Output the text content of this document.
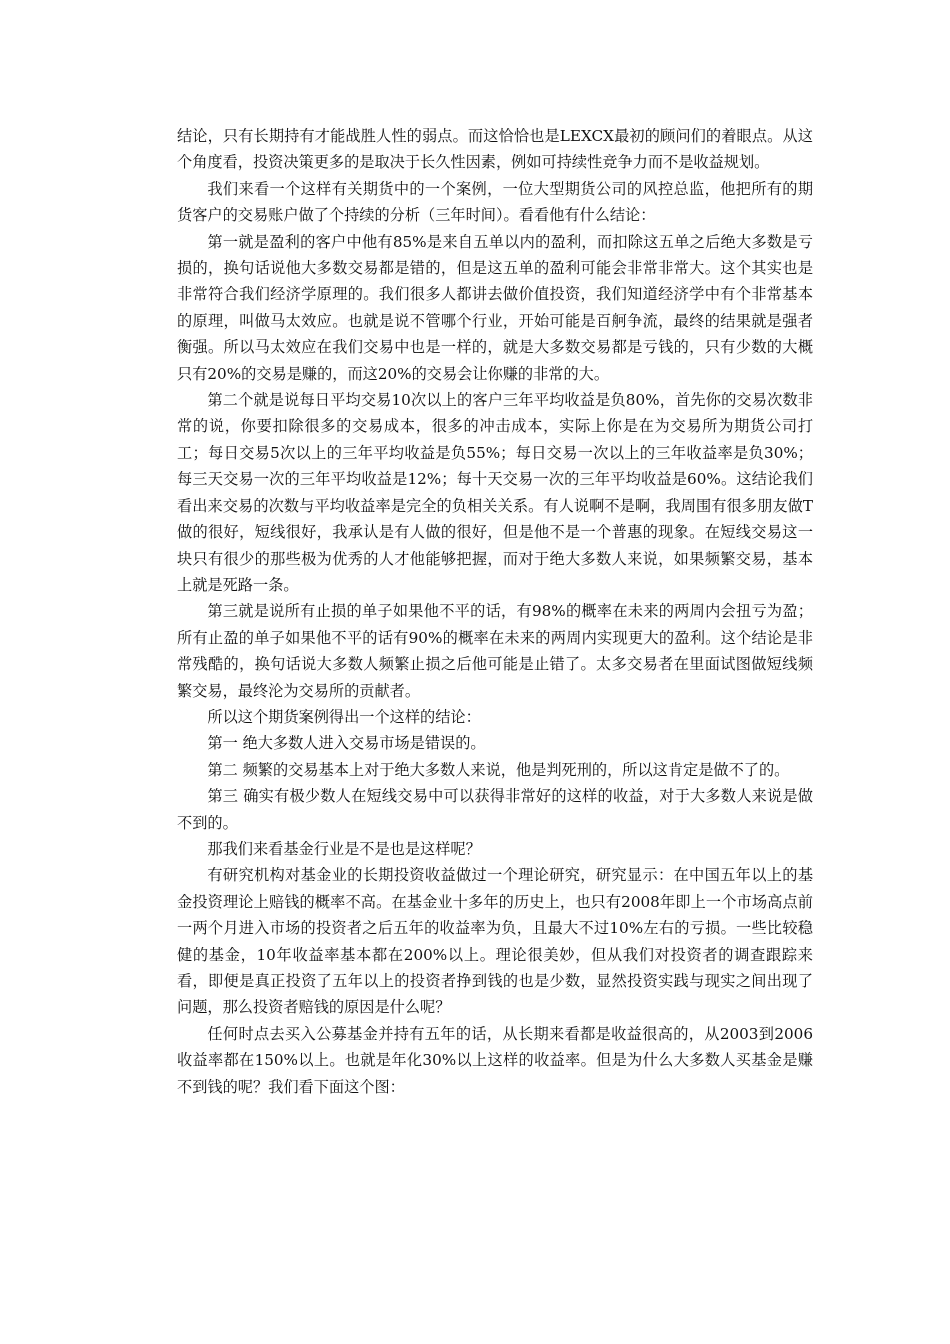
结论，只有长期持有才能战胜人性的弱点。而这恰恰也是LEXCX最初的顾问们的着眼点。从这个角度看，投资决策更多的是取决于长久性因素，例如可持续性竞争力而不是收益规划。

我们来看一个这样有关期货中的一个案例，一位大型期货公司的风控总监，他把所有的期货客户的交易账户做了个持续的分析（三年时间）。看看他有什么结论：

第一就是盈利的客户中他有85%是来自五单以内的盈利，而扣除这五单之后绝大多数是亏损的，换句话说他大多数交易都是错的，但是这五单的盈利可能会非常非常大。这个其实也是非常符合我们经济学原理的。我们很多人都讲去做价值投资，我们知道经济学中有个非常基本的原理，叫做马太效应。也就是说不管哪个行业，开始可能是百舸争流，最终的结果就是强者衡强。所以马太效应在我们交易中也是一样的，就是大多数交易都是亏钱的，只有少数的大概只有20%的交易是赚的，而这20%的交易会让你赚的非常的大。

第二个就是说每日平均交易10次以上的客户三年平均收益是负80%，首先你的交易次数非常的说，你要扣除很多的交易成本，很多的冲击成本，实际上你是在为交易所为期货公司打工；每日交易5次以上的三年平均收益是负55%；每日交易一次以上的三年收益率是负30%；每三天交易一次的三年平均收益是12%；每十天交易一次的三年平均收益是60%。这结论我们看出来交易的次数与平均收益率是完全的负相关关系。有人说啊不是啊，我周围有很多朋友做T做的很好，短线很好，我承认是有人做的很好，但是他不是一个普惠的现象。在短线交易这一块只有很少的那些极为优秀的人才他能够把握，而对于绝大多数人来说，如果频繁交易，基本上就是死路一条。

第三就是说所有止损的单子如果他不平的话，有98%的概率在未来的两周内会扭亏为盈；所有止盈的单子如果他不平的话有90%的概率在未来的两周内实现更大的盈利。这个结论是非常残酷的，换句话说大多数人频繁止损之后他可能是止错了。太多交易者在里面试图做短线频繁交易，最终沦为交易所的贡献者。

所以这个期货案例得出一个这样的结论：

第一 绝大多数人进入交易市场是错误的。

第二 频繁的交易基本上对于绝大多数人来说，他是判死刑的，所以这肯定是做不了的。

第三 确实有极少数人在短线交易中可以获得非常好的这样的收益，对于大多数人来说是做不到的。

那我们来看基金行业是不是也是这样呢？

有研究机构对基金业的长期投资收益做过一个理论研究，研究显示：在中国五年以上的基金投资理论上赔钱的概率不高。在基金业十多年的历史上，也只有2008年即上一个市场高点前一两个月进入市场的投资者之后五年的收益率为负，且最大不过10%左右的亏损。一些比较稳健的基金，10年收益率基本都在200%以上。理论很美妙，但从我们对投资者的调查跟踪来看，即便是真正投资了五年以上的投资者挣到钱的也是少数，显然投资实践与现实之间出现了问题，那么投资者赔钱的原因是什么呢？

任何时点去买入公募基金并持有五年的话，从长期来看都是收益很高的，从2003到2006收益率都在150%以上。也就是年化30%以上这样的收益率。但是为什么大多数人买基金是赚不到钱的呢？我们看下面这个图：
